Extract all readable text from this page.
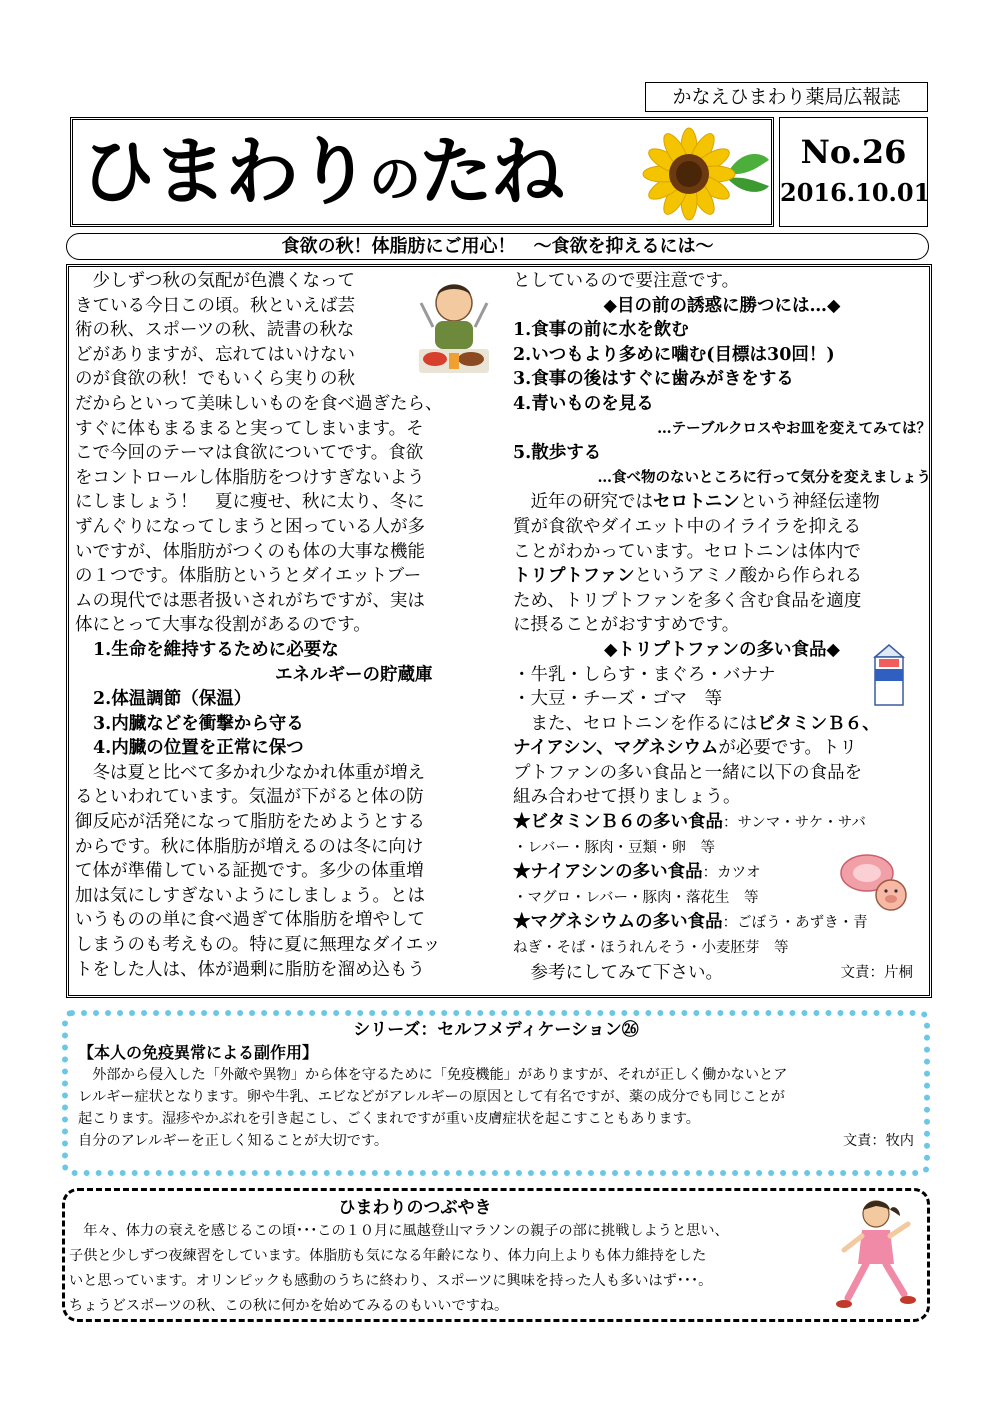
かなえひまわり薬局広報誌
ひまわりのたね	No.26
2016.10.01
食欲の秋！体脂肪にご用心！　～食欲を抑えるには～

　少しずつ秋の気配が色濃くなって

きている今日この頃。秋といえば芸

術の秋、スポーツの秋、読書の秋な

どがありますが、忘れてはいけない

のが食欲の秋！でもいくら実りの秋

だからといって美味しいものを食べ過ぎたら、

すぐに体もまるまると実ってしまいます。そ

こで今回のテーマは食欲についてです。食欲

をコントロールし体脂肪をつけすぎないよう

にしましょう！　夏に痩せ、秋に太り、冬に

ずんぐりになってしまうと困っている人が多

いですが、体脂肪がつくのも体の大事な機能

の１つです。体脂肪というとダイエットブー

ムの現代では悪者扱いされがちですが、実は

体にとって大事な役割があるのです。

1.生命を維持するために必要な

エネルギーの貯蔵庫

2.体温調節（保温）

3.内臓などを衝撃から守る

4.内臓の位置を正常に保つ

　冬は夏と比べて多かれ少なかれ体重が増え

るといわれています。気温が下がると体の防

御反応が活発になって脂肪をためようとする

からです。秋に体脂肪が増えるのは冬に向け

て体が準備している証拠です。多少の体重増

加は気にしすぎないようにしましょう。とは

いうものの単に食べ過ぎて体脂肪を増やして

しまうのも考えもの。特に夏に無理なダイエッ

トをした人は、体が過剰に脂肪を溜め込もう

としているので要注意です。

◆目の前の誘惑に勝つには…◆

1.食事の前に水を飲む

2.いつもより多めに噛む(目標は30回！)

3.食事の後はすぐに歯みがきをする

4.青いものを見る

…テーブルクロスやお皿を変えてみては？

5.散歩する

…食べ物のないところに行って気分を変えましょう

　近年の研究ではセロトニンという神経伝達物

質が食欲やダイエット中のイライラを抑える

ことがわかっています。セロトニンは体内で

トリプトファンというアミノ酸から作られる

ため、トリプトファンを多く含む食品を適度

に摂ることがおすすめです。

◆トリプトファンの多い食品◆

・牛乳・しらす・まぐろ・バナナ

・大豆・チーズ・ゴマ　等

　また、セロトニンを作るにはビタミンＢ６、

ナイアシン、マグネシウムが必要です。トリ

プトファンの多い食品と一緒に以下の食品を

組み合わせて摂りましょう。

★ビタミンＢ６の多い食品：サンマ・サケ・サバ

・レバー・豚肉・豆類・卵　等

★ナイアシンの多い食品：カツオ

・マグロ・レバー・豚肉・落花生　等

★マグネシウムの多い食品：ごぼう・あずき・青

ねぎ・そば・ほうれんそう・小麦胚芽　等

　参考にしてみて下さい。	文責：片桐

シリーズ：セルフメディケーション㉖
【本人の免疫異常による副作用】
　外部から侵入した「外敵や異物」から体を守るために「免疫機能」がありますが、それが正しく働かないとア
レルギー症状となります。卵や牛乳、エビなどがアレルギーの原因として有名ですが、薬の成分でも同じことが
起こります。湿疹やかぶれを引き起こし、ごくまれですが重い皮膚症状を起こすこともあります。
自分のアレルギーを正しく知ることが大切です。	文責：牧内
ひまわりのつぶやき
　年々、体力の衰えを感じるこの頃･･･この１０月に風越登山マラソンの親子の部に挑戦しようと思い、
子供と少しずつ夜練習をしています。体脂肪も気になる年齢になり、体力向上よりも体力維持をした
いと思っています。オリンピックも感動のうちに終わり、スポーツに興味を持った人も多いはず･･･。
ちょうどスポーツの秋、この秋に何かを始めてみるのもいいですね。
